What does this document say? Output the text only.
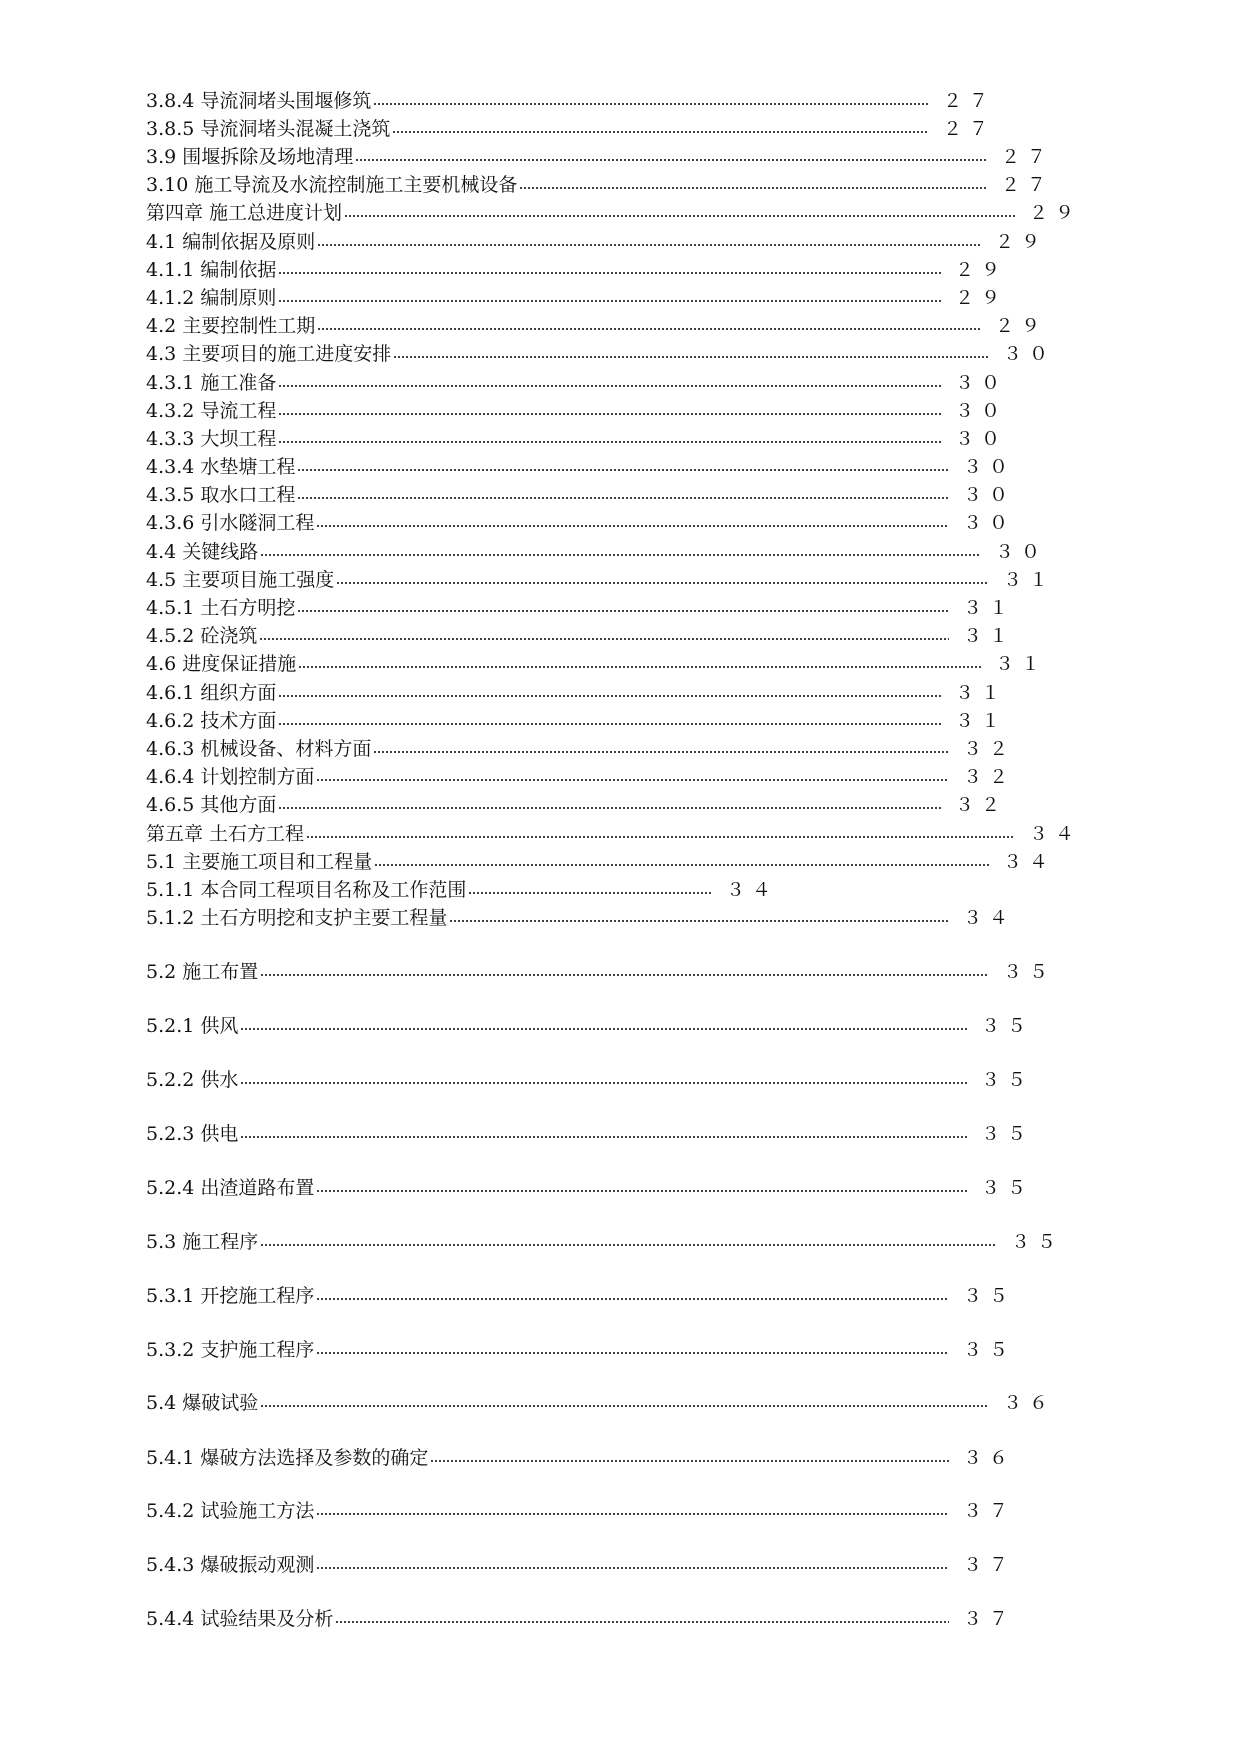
3.8.4 导流洞堵头围堰修筑	２７
3.8.5 导流洞堵头混凝土浇筑	２７
3.9 围堰拆除及场地清理	２７
3.10 施工导流及水流控制施工主要机械设备	２７
第四章 施工总进度计划	２９
4.1 编制依据及原则	２９
4.1.1 编制依据	２９
4.1.2 编制原则	２９
4.2 主要控制性工期	２９
4.3 主要项目的施工进度安排	３０
4.3.1 施工准备	３０
4.3.2 导流工程	３０
4.3.3 大坝工程	３０
4.3.4 水垫塘工程	３０
4.3.5 取水口工程	３０
4.3.6 引水隧洞工程	３０
4.4 关键线路	３０
4.5 主要项目施工强度	３１
4.5.1 土石方明挖	３１
4.5.2 砼浇筑	３１
4.6 进度保证措施	３１
4.6.1 组织方面	３１
4.6.2 技术方面	３１
4.6.3 机械设备、材料方面	３２
4.6.4 计划控制方面	３２
4.6.5 其他方面	３２
第五章 土石方工程	３４
5.1 主要施工项目和工程量	３４
5.1.1 本合同工程项目名称及工作范围	３４
5.1.2 土石方明挖和支护主要工程量	３４
5.2 施工布置	３５
5.2.1 供风	３５
5.2.2 供水	３５
5.2.3 供电	３５
5.2.4 出渣道路布置	３５
5.3 施工程序	３５
5.3.1 开挖施工程序	３５
5.3.2 支护施工程序	３５
5.4 爆破试验	３６
5.4.1 爆破方法选择及参数的确定	３６
5.4.2 试验施工方法	３７
5.4.3 爆破振动观测	３７
5.4.4 试验结果及分析	３７
